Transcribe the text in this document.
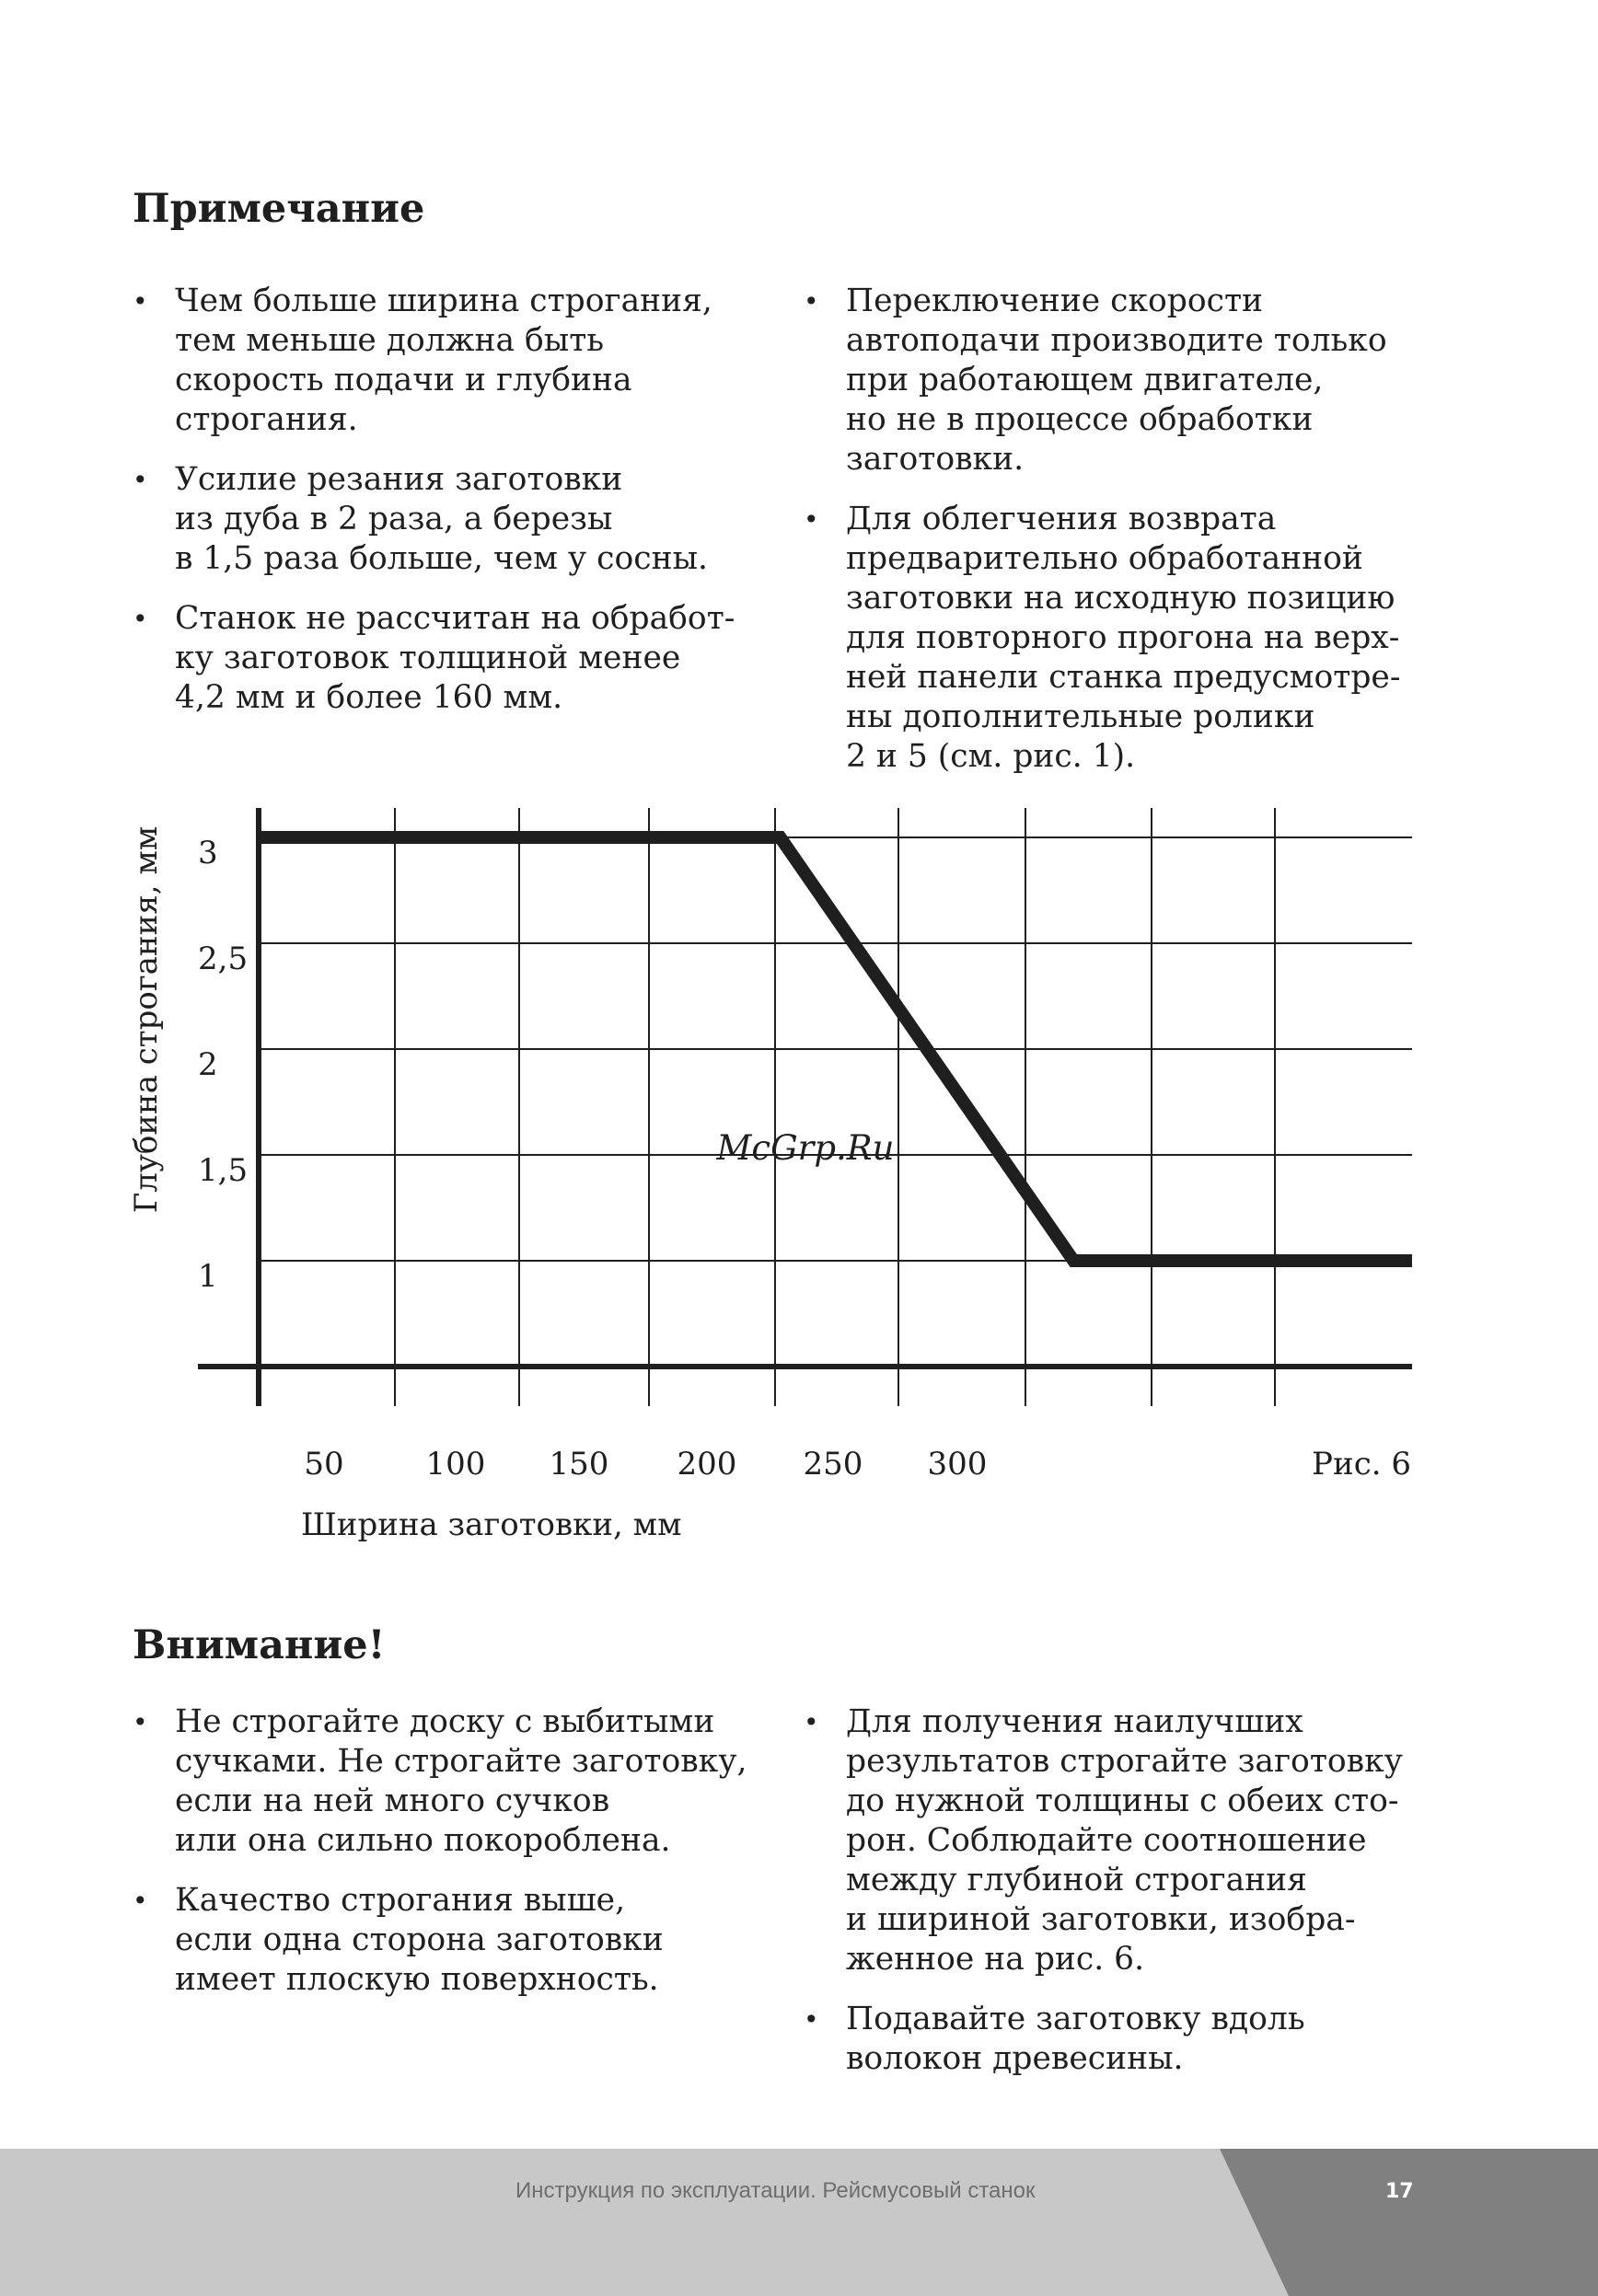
Примечание
• Чем больше ширина строгания,
тем меньше должна быть
скорость подачи и глубина
строгания.
• Усилие резания заготовки
из дуба в 2 раза, а березы
в 1,5 раза больше, чем у сосны.
• Станок не рассчитан на обработ-
ку заготовок толщиной менее
4,2 мм и более 160 мм.
• Переключение скорости
автоподачи производите только
при работающем двигателе,
но не в процессе обработки
заготовки.
• Для облегчения возврата
предварительно обработанной
заготовки на исходную позицию
для повторного прогона на верх-
ней панели станка предусмотре-
ны дополнительные ролики
2 и 5 (см. рис. 1).
3
2,5
2
1,5
1
50	100 150 200 250 300
McGrp.Ru
Рис. 6
Ширина заготовки, мм
Глубина строгания, мм
Внимание!
• Не строгайте доску с выбитыми
сучками. Не строгайте заготовку,
если на ней много сучков
или она сильно покороблена.
• Качество строгания выше,
если одна сторона заготовки
имеет плоскую поверхность.
• Для получения наилучших
результатов строгайте заготовку
до нужной толщины с обеих сто-
рон. Соблюдайте соотношение
между глубиной строгания
и шириной заготовки, изобра-
женное на рис. 6.
• Подавайте заготовку вдоль
волокон древесины.
Инструкция по эксплуатации. Рейсмусовый станок	17
